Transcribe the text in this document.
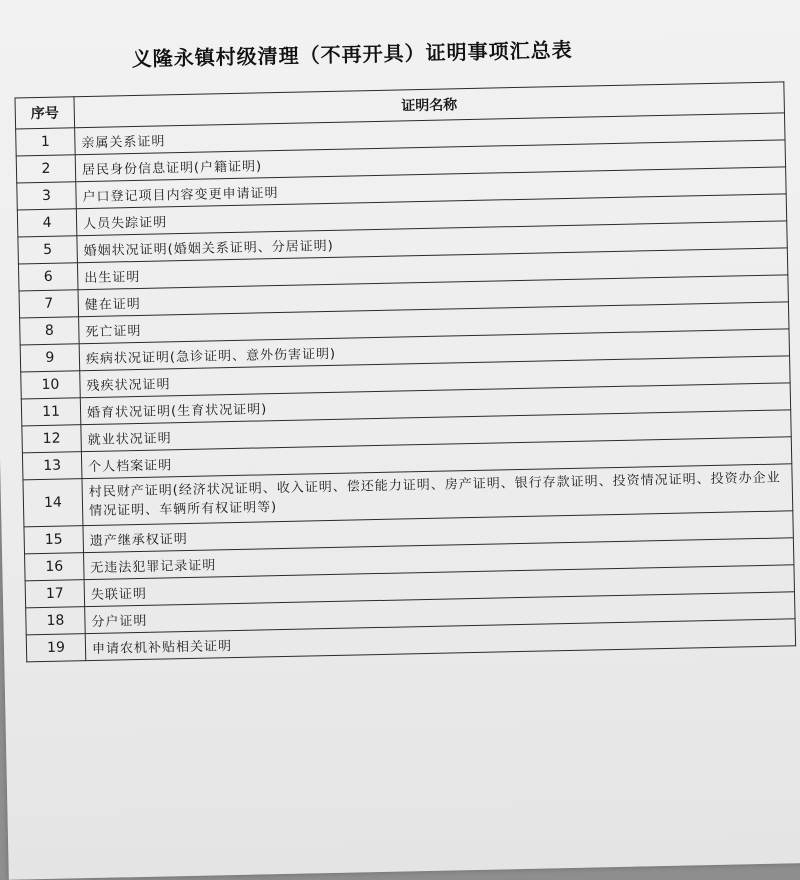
义隆永镇村级清理（不再开具）证明事项汇总表
序号	证明名称
1	亲属关系证明
2	居民身份信息证明(户籍证明)
3	户口登记项目内容变更申请证明
4	人员失踪证明
5	婚姻状况证明(婚姻关系证明、分居证明)
6	出生证明
7	健在证明
8	死亡证明
9	疾病状况证明(急诊证明、意外伤害证明)
10	残疾状况证明
11	婚育状况证明(生育状况证明)
12	就业状况证明
13	个人档案证明
14	村民财产证明(经济状况证明、收入证明、偿还能力证明、房产证明、银行存款证明、投资情况证明、投资办企业情况证明、车辆所有权证明等)
15	遗产继承权证明
16	无违法犯罪记录证明
17	失联证明
18	分户证明
19	申请农机补贴相关证明
